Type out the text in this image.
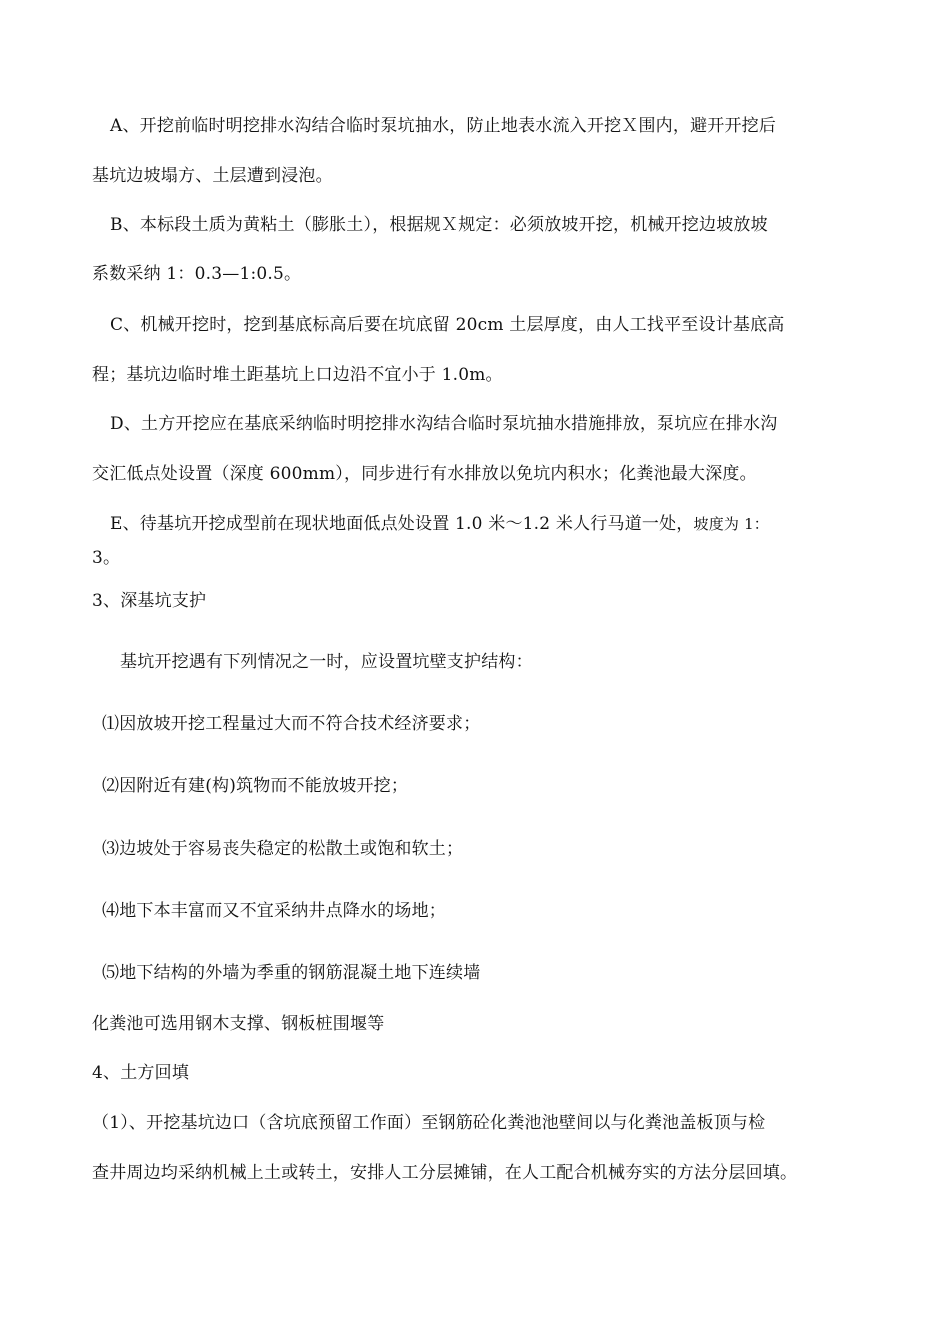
A、开挖前临时明挖排水沟结合临时泵坑抽水，防止地表水流入开挖Ｘ围内，避开开挖后
基坑边坡塌方、土层遭到浸泡。
B、本标段土质为黄粘土（膨胀土），根据规Ｘ规定：必须放坡开挖，机械开挖边坡放坡
系数采纳 1：0.3—1:0.5。
C、机械开挖时，挖到基底标高后要在坑底留 20cm 土层厚度，由人工找平至设计基底高
程；基坑边临时堆土距基坑上口边沿不宜小于 1.0m。
D、土方开挖应在基底采纳临时明挖排水沟结合临时泵坑抽水措施排放，泵坑应在排水沟
交汇低点处设置（深度 600mm），同步进行有水排放以免坑内积水；化粪池最大深度。
E、待基坑开挖成型前在现状地面低点处设置 1.0 米～1.2 米人行马道一处，坡度为 1：
3。
3、深基坑支护
基坑开挖遇有下列情况之一时，应设置坑壁支护结构：
⑴因放坡开挖工程量过大而不符合技术经济要求；
⑵因附近有建(构)筑物而不能放坡开挖；
⑶边坡处于容易丧失稳定的松散土或饱和软土；
⑷地下本丰富而又不宜采纳井点降水的场地；
⑸地下结构的外墙为季重的钢筋混凝土地下连续墙
化粪池可选用钢木支撑、钢板桩围堰等
4、土方回填
（1）、开挖基坑边口（含坑底预留工作面）至钢筋砼化粪池池壁间以与化粪池盖板顶与检
查井周边均采纳机械上土或转土，安排人工分层摊铺，在人工配合机械夯实的方法分层回填。
